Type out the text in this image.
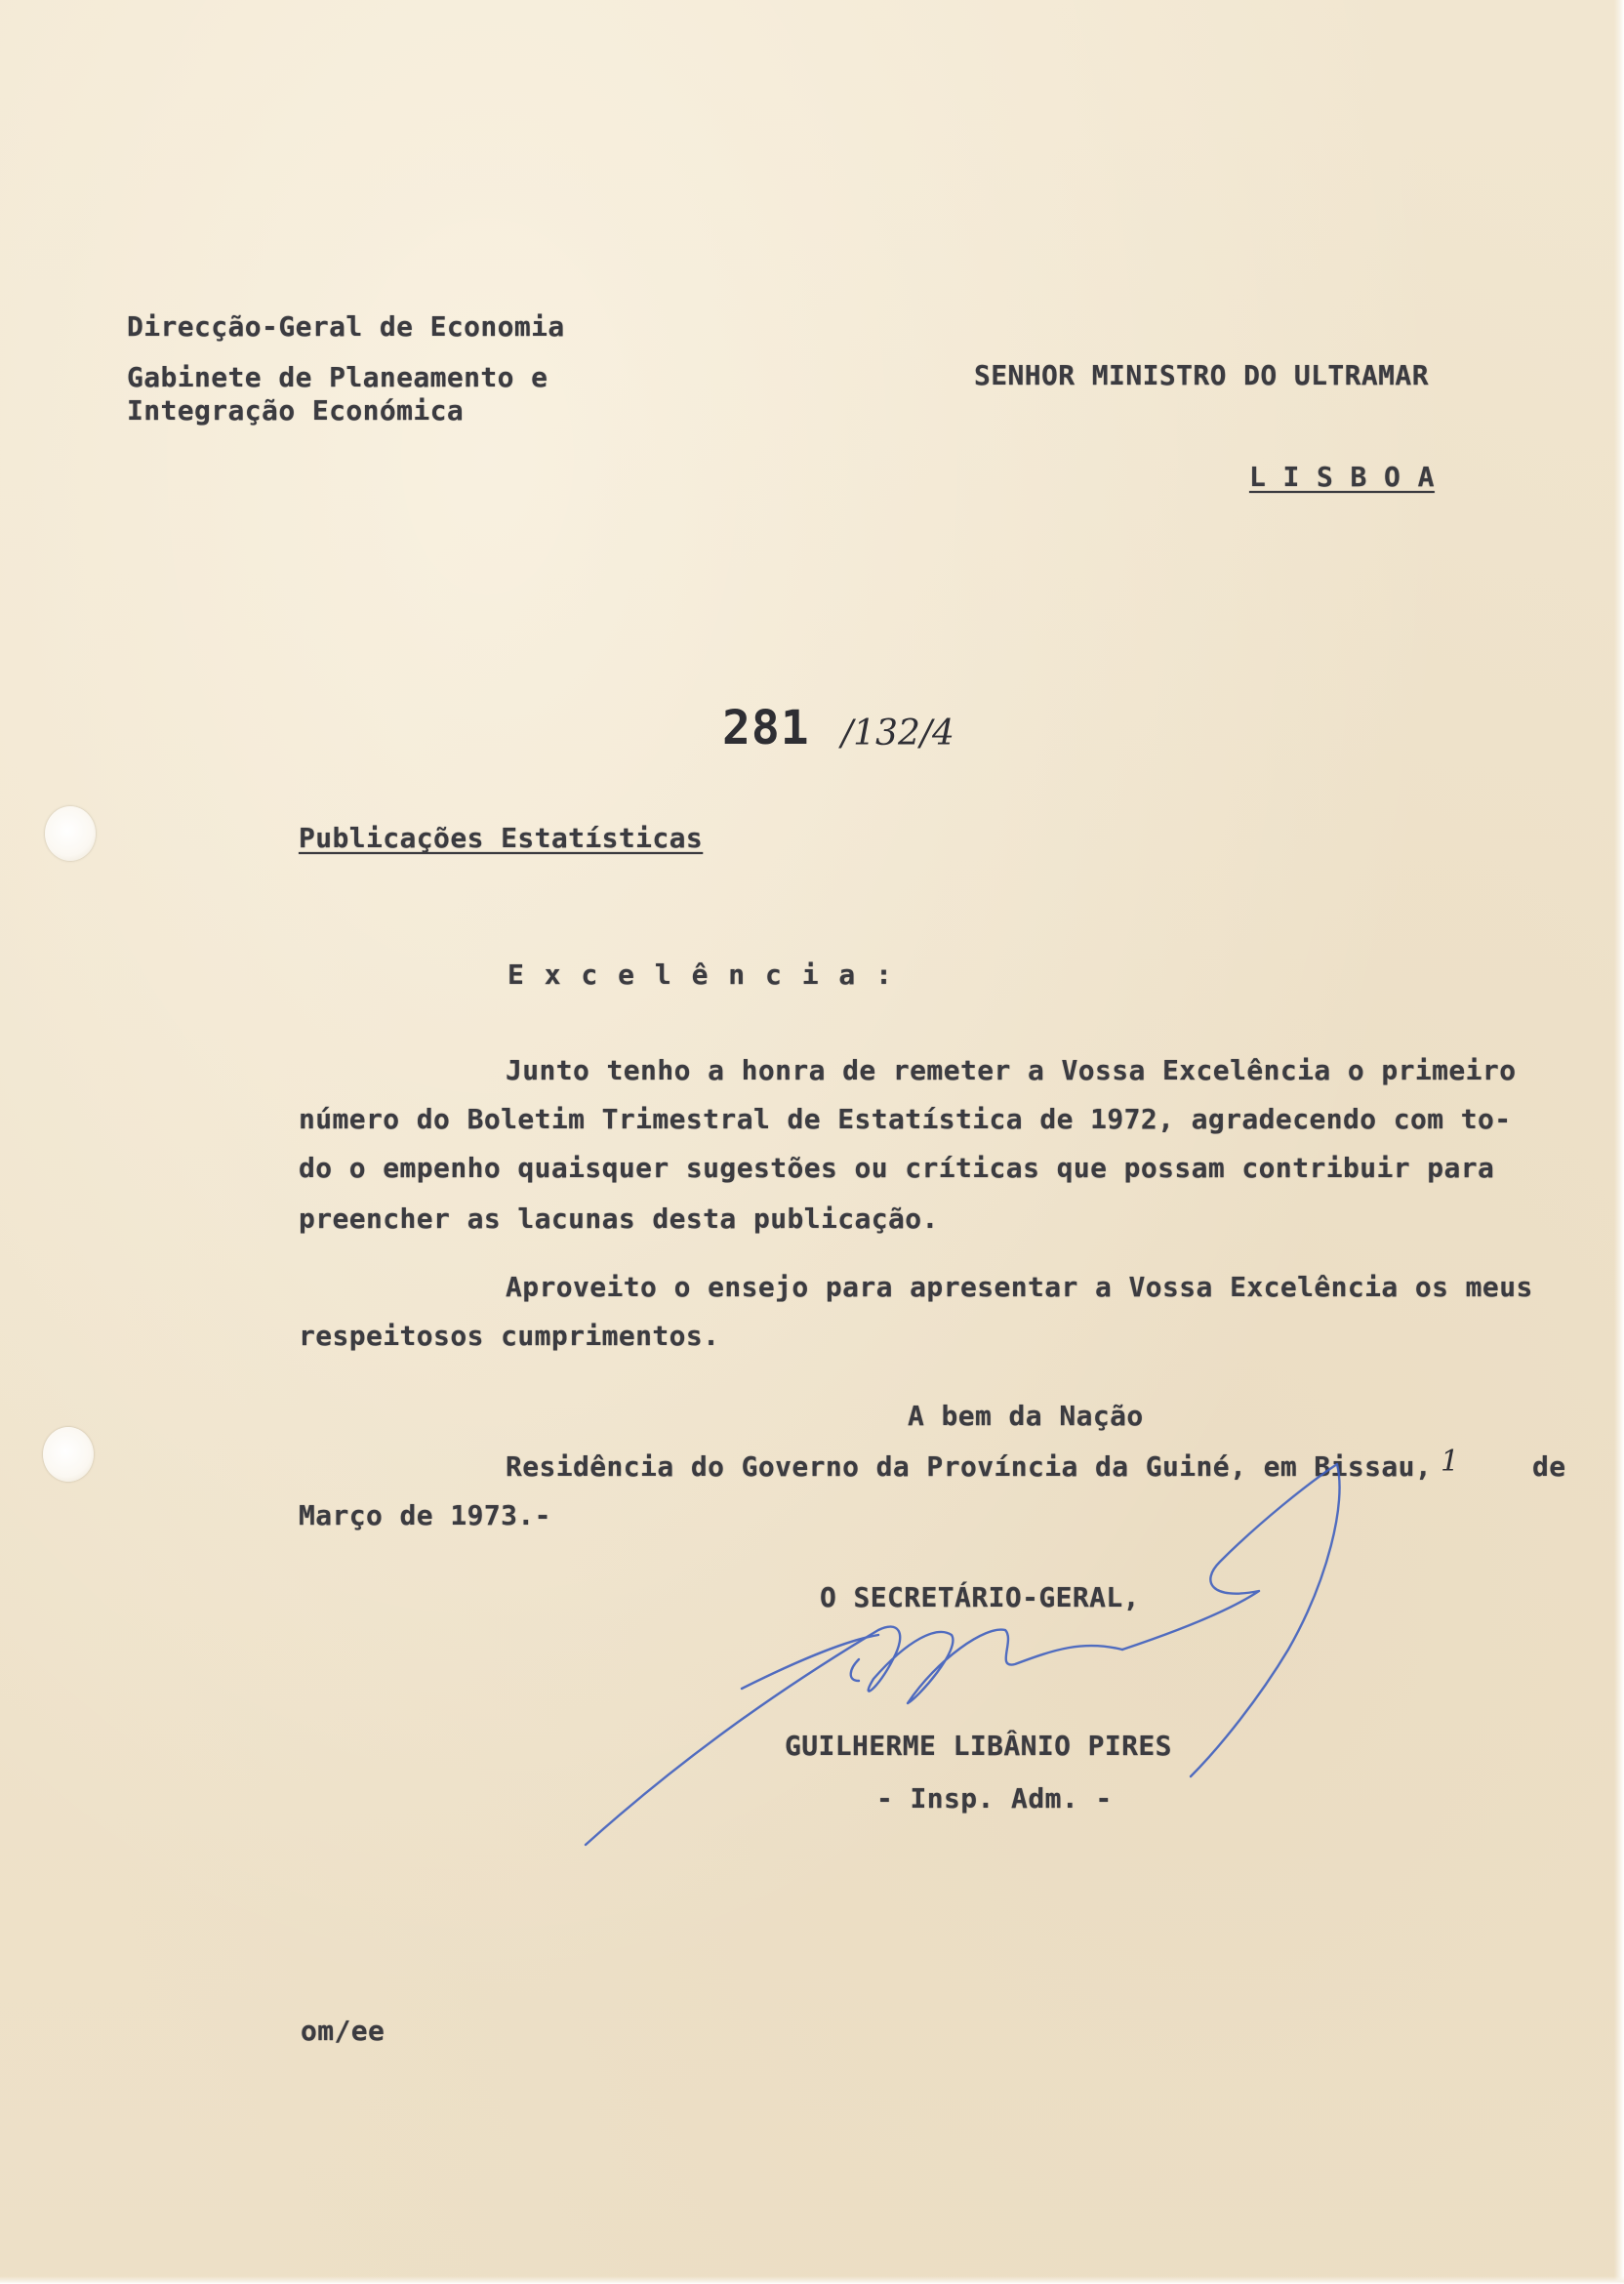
Direcção-Geral de Economia
Gabinete de Planeamento e
Integração Económica
SENHOR MINISTRO DO ULTRAMAR
L I S B O A
281 /132/4
Publicações Estatísticas
E x c e l ê n c i a :
Junto tenho a honra de remeter a Vossa Excelência o primeiro
número do Boletim Trimestral de Estatística de 1972, agradecendo com to-
do o empenho quaisquer sugestões ou críticas que possam contribuir para
preencher as lacunas desta publicação.
Aproveito o ensejo para apresentar a Vossa Excelência os meus
respeitosos cumprimentos.
A bem da Nação
Residência do Governo da Província da Guiné, em Bissau, 1	de
Março de 1973.-
O SECRETÁRIO-GERAL,
GUILHERME LIBÂNIO PIRES
- Insp. Adm. -
om/ee
